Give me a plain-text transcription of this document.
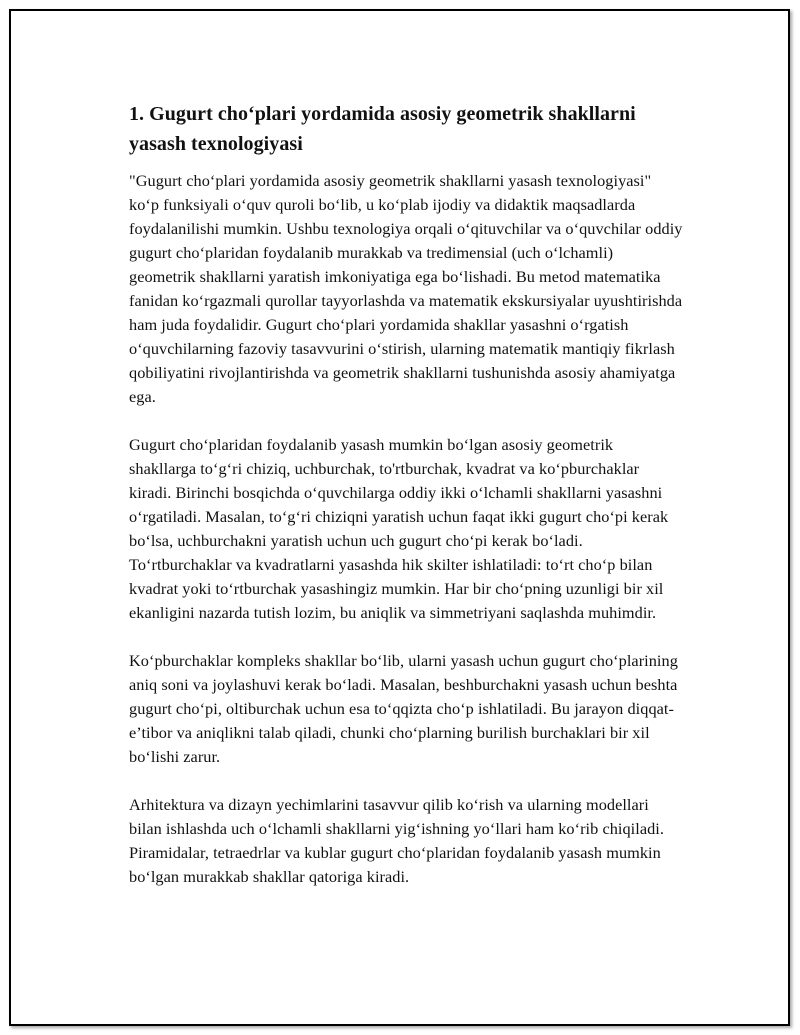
1. Gugurt cho‘plari yordamida asosiy geometrik shakllarni yasash texnologiyasi

"Gugurt cho‘plari yordamida asosiy geometrik shakllarni yasash texnologiyasi" ko‘p funksiyali o‘quv quroli bo‘lib, u ko‘plab ijodiy va didaktik maqsadlarda foydalanilishi mumkin. Ushbu texnologiya orqali o‘qituvchilar va o‘quvchilar oddiy gugurt cho‘plaridan foydalanib murakkab va tredimensial (uch o‘lchamli) geometrik shakllarni yaratish imkoniyatiga ega bo‘lishadi. Bu metod matematika fanidan ko‘rgazmali qurollar tayyorlashda va matematik ekskursiyalar uyushtirishda ham juda foydalidir. Gugurt cho‘plari yordamida shakllar yasashni o‘rgatish o‘quvchilarning fazoviy tasavvurini o‘stirish, ularning matematik mantiqiy fikrlash qobiliyatini rivojlantirishda va geometrik shakllarni tushunishda asosiy ahamiyatga ega.

Gugurt cho‘plaridan foydalanib yasash mumkin bo‘lgan asosiy geometrik shakllarga to‘g‘ri chiziq, uchburchak, to'rtburchak, kvadrat va ko‘pburchaklar kiradi. Birinchi bosqichda o‘quvchilarga oddiy ikki o‘lchamli shakllarni yasashni o‘rgatiladi. Masalan, to‘g‘ri chiziqni yaratish uchun faqat ikki gugurt cho‘pi kerak bo‘lsa, uchburchakni yaratish uchun uch gugurt cho‘pi kerak bo‘ladi. To‘rtburchaklar va kvadratlarni yasashda hik skilter ishlatiladi: to‘rt cho‘p bilan kvadrat yoki to‘rtburchak yasashingiz mumkin. Har bir cho‘pning uzunligi bir xil ekanligini nazarda tutish lozim, bu aniqlik va simmetriyani saqlashda muhimdir.

Ko‘pburchaklar kompleks shakllar bo‘lib, ularni yasash uchun gugurt cho‘plarining aniq soni va joylashuvi kerak bo‘ladi. Masalan, beshburchakni yasash uchun beshta gugurt cho‘pi, oltiburchak uchun esa to‘qqizta cho‘p ishlatiladi. Bu jarayon diqqat-e’tibor va aniqlikni talab qiladi, chunki cho‘plarning burilish burchaklari bir xil bo‘lishi zarur.

Arhitektura va dizayn yechimlarini tasavvur qilib ko‘rish va ularning modellari bilan ishlashda uch o‘lchamli shakllarni yig‘ishning yo‘llari ham ko‘rib chiqiladi. Piramidalar, tetraedrlar va kublar gugurt cho‘plaridan foydalanib yasash mumkin bo‘lgan murakkab shakllar qatoriga kiradi.
